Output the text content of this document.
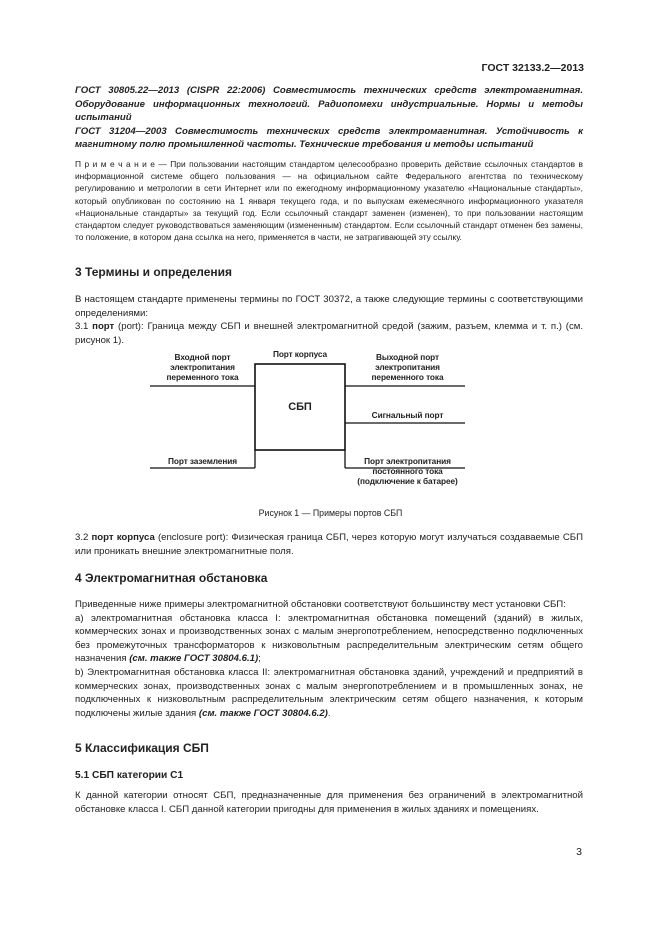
ГОСТ 32133.2—2013

ГОСТ 30805.22—2013 (CISPR 22:2006) Совместимость технических средств электромагнитная. Оборудование информационных технологий. Радиопомехи индустриальные. Нормы и методы испытаний

ГОСТ 31204—2003 Совместимость технических средств электромагнитная. Устойчивость к магнитному полю промышленной частоты. Технические требования и методы испытаний

П р и м е ч а н и е — При пользовании настоящим стандартом целесообразно проверить действие ссылочных стандартов в информационной системе общего пользования — на официальном сайте Федерального агентства по техническому регулированию и метрологии в сети Интернет или по ежегодному информационному указателю «Национальные стандарты», который опубликован по состоянию на 1 января текущего года, и по выпускам ежемесячного информационного указателя «Национальные стандарты» за текущий год. Если ссылочный стандарт заменен (изменен), то при пользовании настоящим стандартом следует руководствоваться заменяющим (измененным) стандартом. Если ссылочный стандарт отменен без замены, то положение, в котором дана ссылка на него, применяется в части, не затрагивающей эту ссылку.
3 Термины и определения

В настоящем стандарте применены термины по ГОСТ 30372, а также следующие термины с соответствующими определениями:

3.1 порт (port): Граница между СБП и внешней электромагнитной средой (зажим, разъем, клемма и т. п.) (см. рисунок 1).

Порт корпуса
СБП
Входной порт электропитания переменного тока
Выходной порт электропитания переменного тока
Сигнальный порт
Порт заземления	Порт электропитания постоянного тока (подключение к батарее)
Рисунок 1 — Примеры портов СБП
3.2 порт корпуса (enclosure port): Физическая граница СБП, через которую могут излучаться создаваемые СБП или проникать внешние электромагнитные поля.
4 Электромагнитная обстановка

Приведенные ниже примеры электромагнитной обстановки соответствуют большинству мест установки СБП:

а) электромагнитная обстановка класса I: электромагнитная обстановка помещений (зданий) в жилых, коммерческих зонах и производственных зонах с малым энергопотреблением, непосредственно подключенных без промежуточных трансформаторов к низковольтным распределительным электрическим сетям общего назначения (см. также ГОСТ 30804.6.1);

b) Электромагнитная обстановка класса II: электромагнитная обстановка зданий, учреждений и предприятий в коммерческих зонах, производственных зонах с малым энергопотреблением и в промышленных зонах, не подключенных к низковольтным распределительным электрическим сетям общего назначения, к которым подключены жилые здания (см. также ГОСТ 30804.6.2).

5 Классификация СБП
5.1 СБП категории С1
К данной категории относят СБП, предназначенные для применения без ограничений в электромагнитной обстановке класса I. СБП данной категории пригодны для применения в жилых зданиях и помещениях.
3
